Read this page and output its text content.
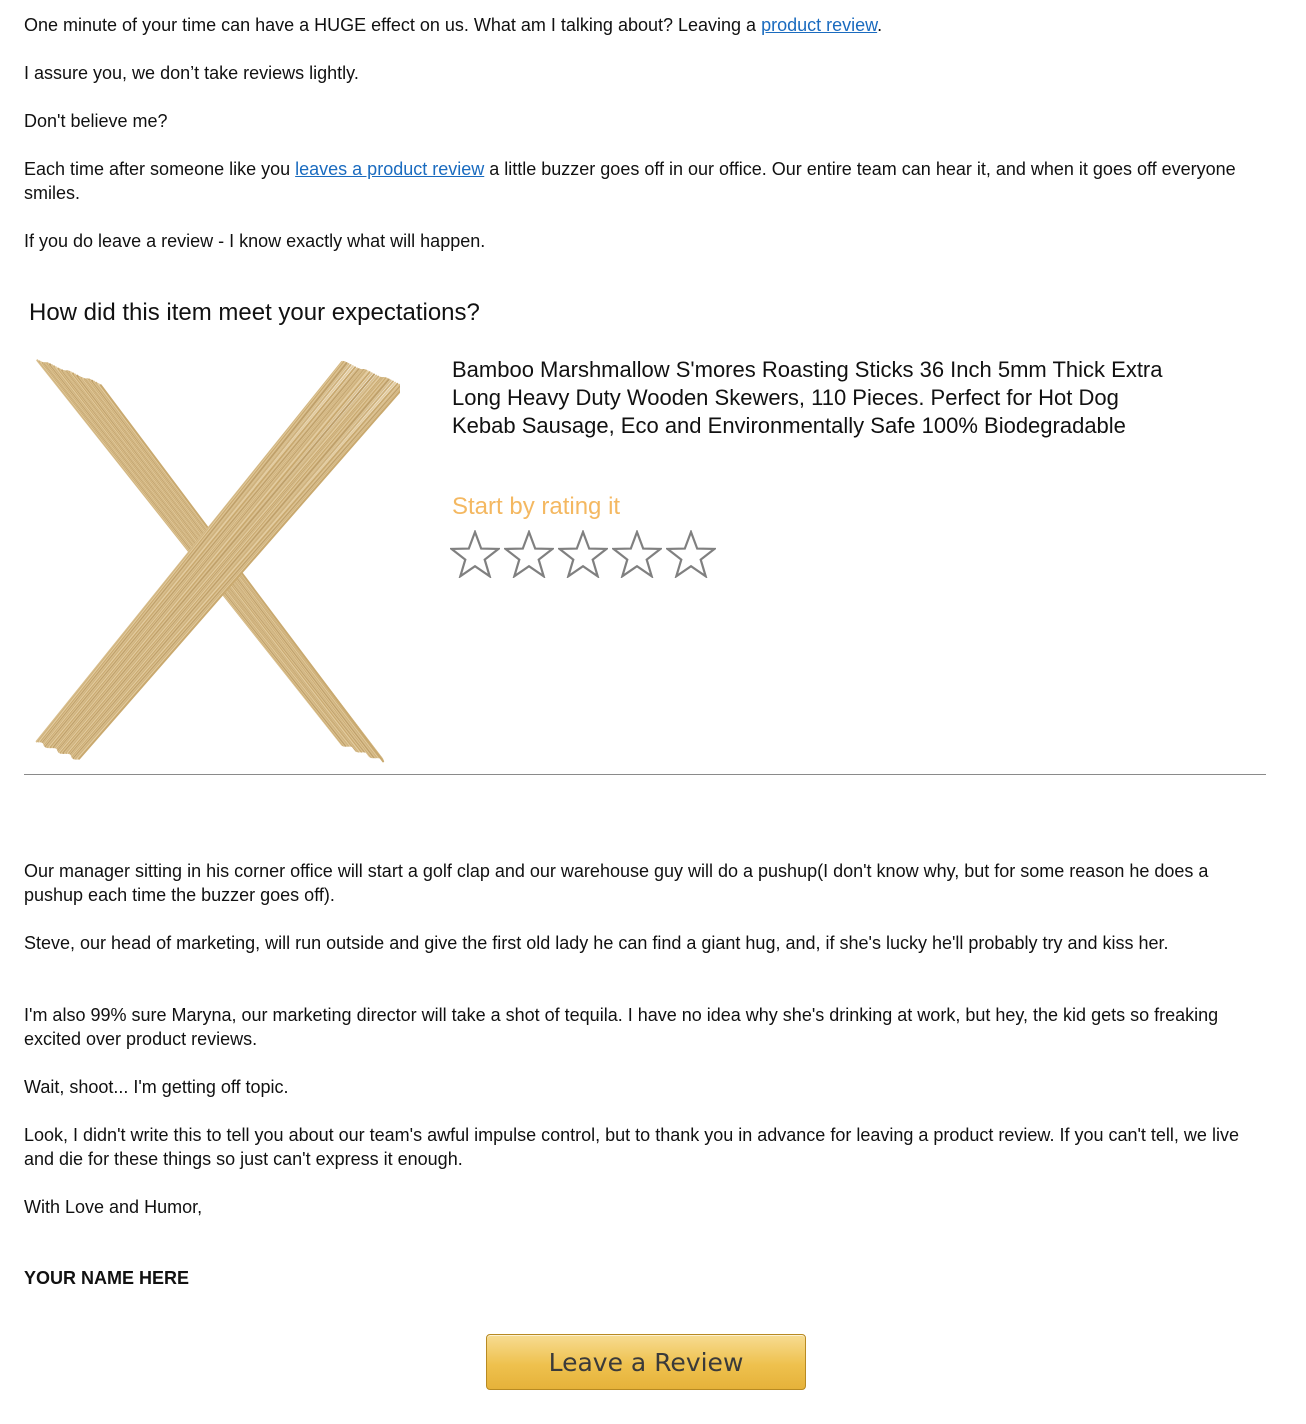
One minute of your time can have a HUGE effect on us. What am I talking about? Leaving a product review.

I assure you, we don’t take reviews lightly.

Don't believe me?

Each time after someone like you leaves a product review a little buzzer goes off in our office. Our entire team can hear it, and when it goes off everyone smiles.

If you do leave a review - I know exactly what will happen.

How did this item meet your expectations?

Bamboo Marshmallow S'mores Roasting Sticks 36 Inch 5mm Thick Extra Long Heavy Duty Wooden Skewers, 110 Pieces. Perfect for Hot Dog Kebab Sausage, Eco and Environmentally Safe 100% Biodegradable

Start by rating it

Our manager sitting in his corner office will start a golf clap and our warehouse guy will do a pushup(I don't know why, but for some reason he does a pushup each time the buzzer goes off).

Steve, our head of marketing, will run outside and give the first old lady he can find a giant hug, and, if she's lucky he'll probably try and kiss her.

I'm also 99% sure Maryna, our marketing director will take a shot of tequila. I have no idea why she's drinking at work, but hey, the kid gets so freaking excited over product reviews.

Wait, shoot... I'm getting off topic.

Look, I didn't write this to tell you about our team's awful impulse control, but to thank you in advance for leaving a product review. If you can't tell, we live and die for these things so just can't express it enough.

With Love and Humor,

YOUR NAME HERE

Leave a Review
